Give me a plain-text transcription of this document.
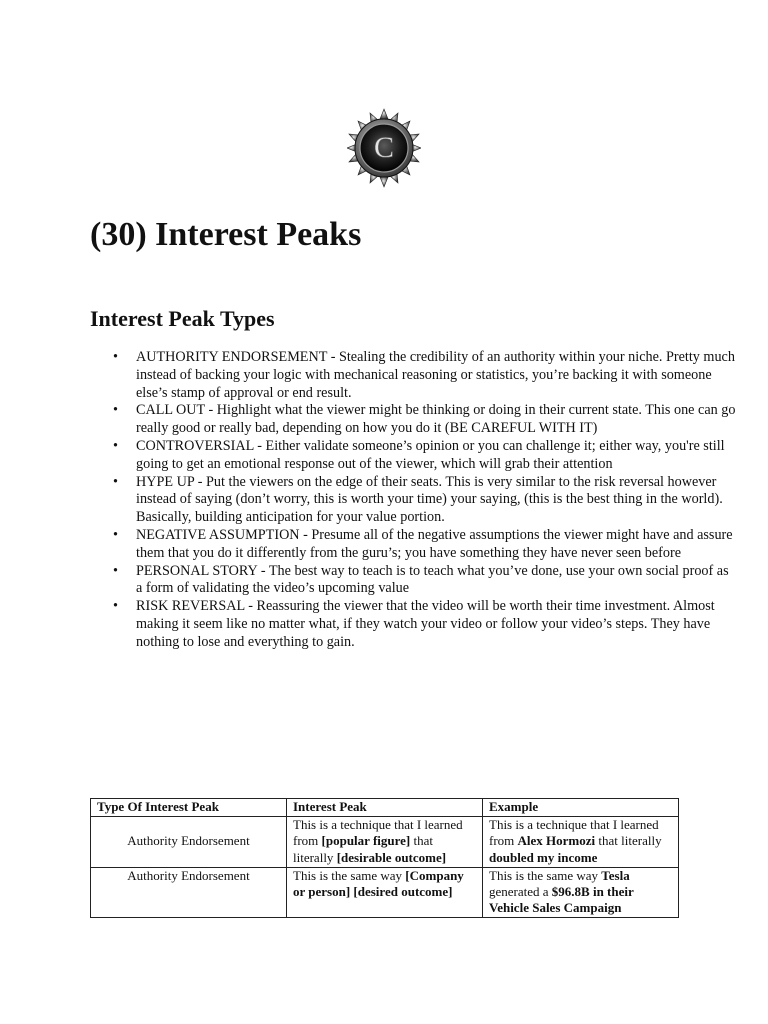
C
(30) Interest Peaks
Interest Peak Types
• AUTHORITY ENDORSEMENT - Stealing the credibility of an authority within your niche. Pretty much instead of backing your logic with mechanical reasoning or statistics, you’re backing it with someone else’s stamp of approval or end result.
• CALL OUT - Highlight what the viewer might be thinking or doing in their current state. This one can go really good or really bad, depending on how you do it (BE CAREFUL WITH IT)
• CONTROVERSIAL - Either validate someone’s opinion or you can challenge it; either way, you're still going to get an emotional response out of the viewer, which will grab their attention
• HYPE UP - Put the viewers on the edge of their seats. This is very similar to the risk reversal however instead of saying (don’t worry, this is worth your time) your saying, (this is the best thing in the world). Basically, building anticipation for your value portion.
• NEGATIVE ASSUMPTION - Presume all of the negative assumptions the viewer might have and assure them that you do it differently from the guru’s; you have something they have never seen before
• PERSONAL STORY - The best way to teach is to teach what you’ve done, use your own social proof as a form of validating the video’s upcoming value
• RISK REVERSAL - Reassuring the viewer that the video will be worth their time investment. Almost making it seem like no matter what, if they watch your video or follow your video’s steps. They have nothing to lose and everything to gain.
Type Of Interest Peak	Interest Peak	Example
Authority Endorsement	This is a technique that I learned from [popular figure] that literally [desirable outcome]	This is a technique that I learned from Alex Hormozi that literally doubled my income
Authority Endorsement	This is the same way [Company or person] [desired outcome]	This is the same way Tesla generated a $96.8B in their Vehicle Sales Campaign
